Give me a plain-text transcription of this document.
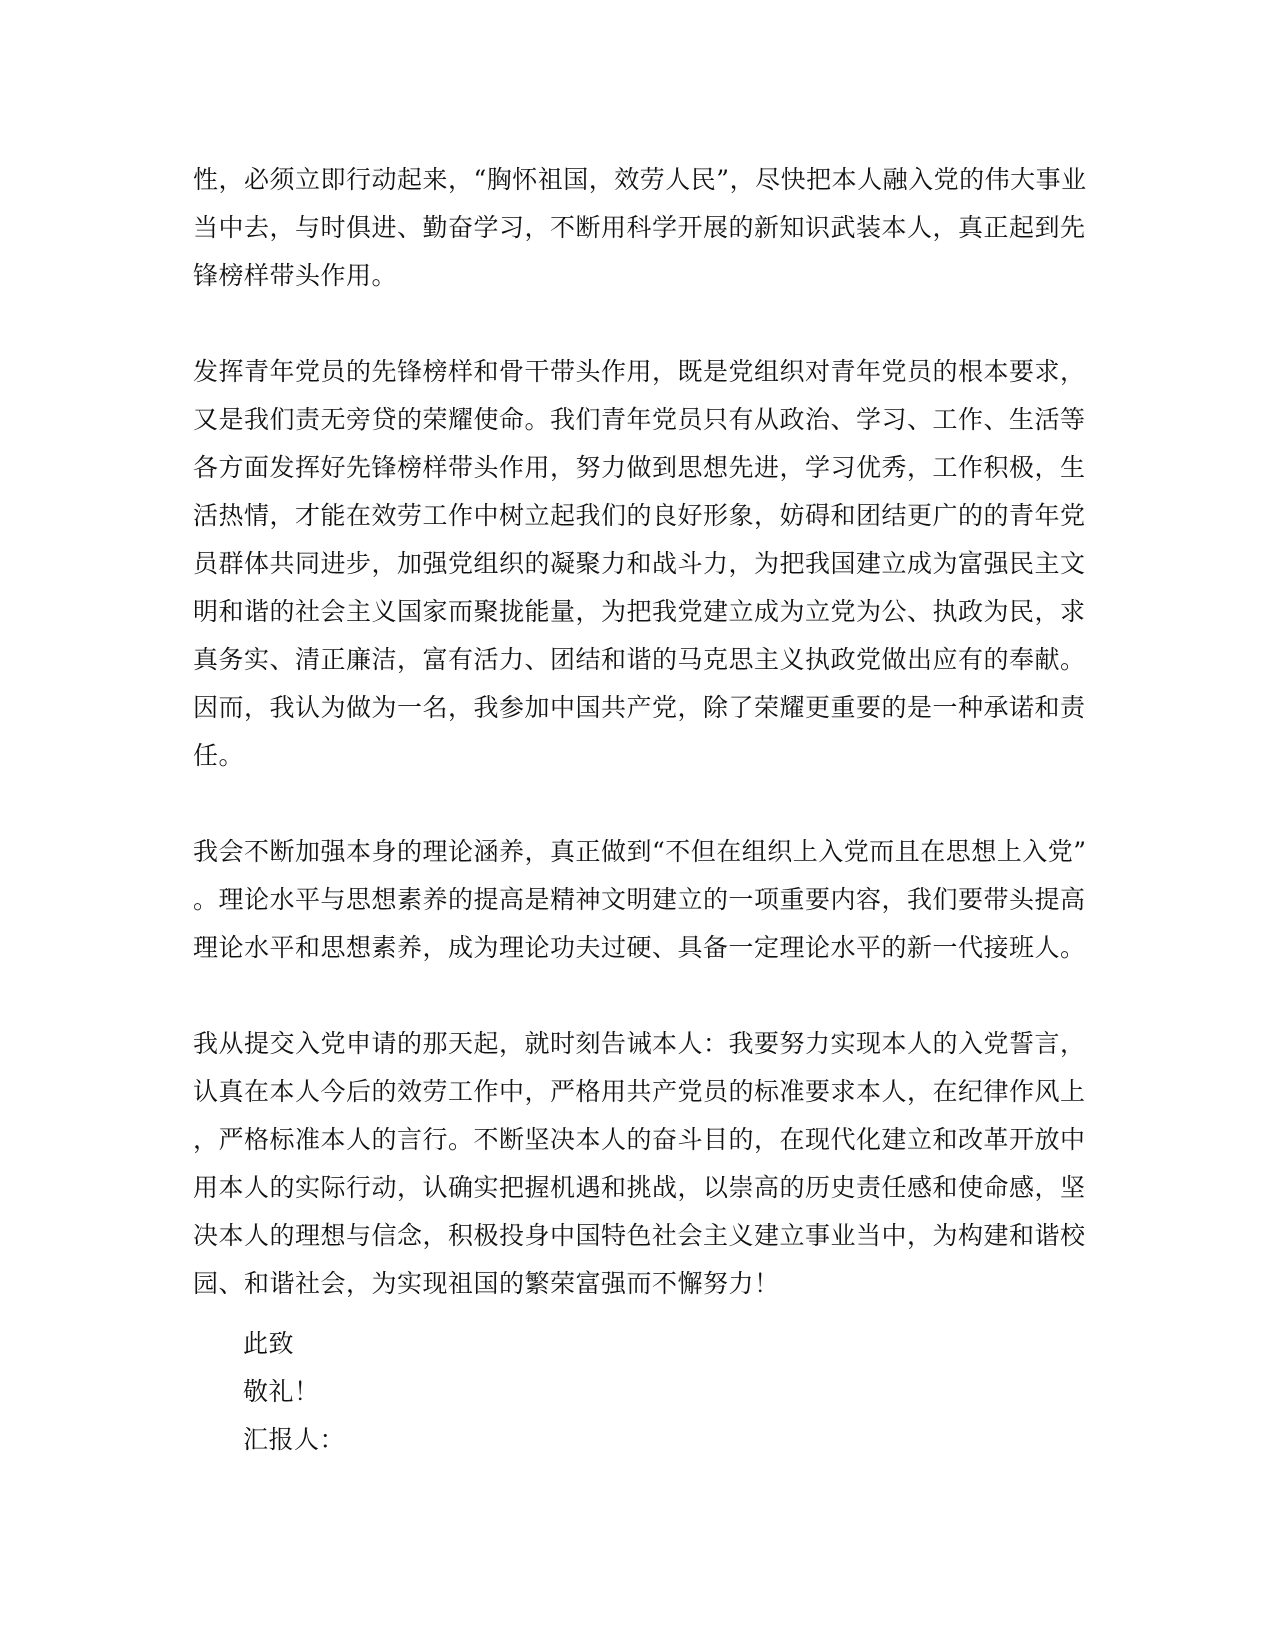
性，必须立即行动起来，“胸怀祖国，效劳人民”，尽快把本人融入党的伟大事业
当中去，与时俱进、勤奋学习，不断用科学开展的新知识武装本人，真正起到先
锋榜样带头作用。
发挥青年党员的先锋榜样和骨干带头作用，既是党组织对青年党员的根本要求，
又是我们责无旁贷的荣耀使命。我们青年党员只有从政治、学习、工作、生活等
各方面发挥好先锋榜样带头作用，努力做到思想先进，学习优秀，工作积极，生
活热情，才能在效劳工作中树立起我们的良好形象，妨碍和团结更广的的青年党
员群体共同进步，加强党组织的凝聚力和战斗力，为把我国建立成为富强民主文
明和谐的社会主义国家而聚拢能量，为把我党建立成为立党为公、执政为民，求
真务实、清正廉洁，富有活力、团结和谐的马克思主义执政党做出应有的奉献。
因而，我认为做为一名，我参加中国共产党，除了荣耀更重要的是一种承诺和责
任。
我会不断加强本身的理论涵养，真正做到“不但在组织上入党而且在思想上入党”
。理论水平与思想素养的提高是精神文明建立的一项重要内容，我们要带头提高
理论水平和思想素养，成为理论功夫过硬、具备一定理论水平的新一代接班人。
我从提交入党申请的那天起，就时刻告诫本人：我要努力实现本人的入党誓言，
认真在本人今后的效劳工作中，严格用共产党员的标准要求本人，在纪律作风上
，严格标准本人的言行。不断坚决本人的奋斗目的，在现代化建立和改革开放中
用本人的实际行动，认确实把握机遇和挑战，以崇高的历史责任感和使命感，坚
决本人的理想与信念，积极投身中国特色社会主义建立事业当中，为构建和谐校
园、和谐社会，为实现祖国的繁荣富强而不懈努力！
此致
敬礼！
汇报人：
